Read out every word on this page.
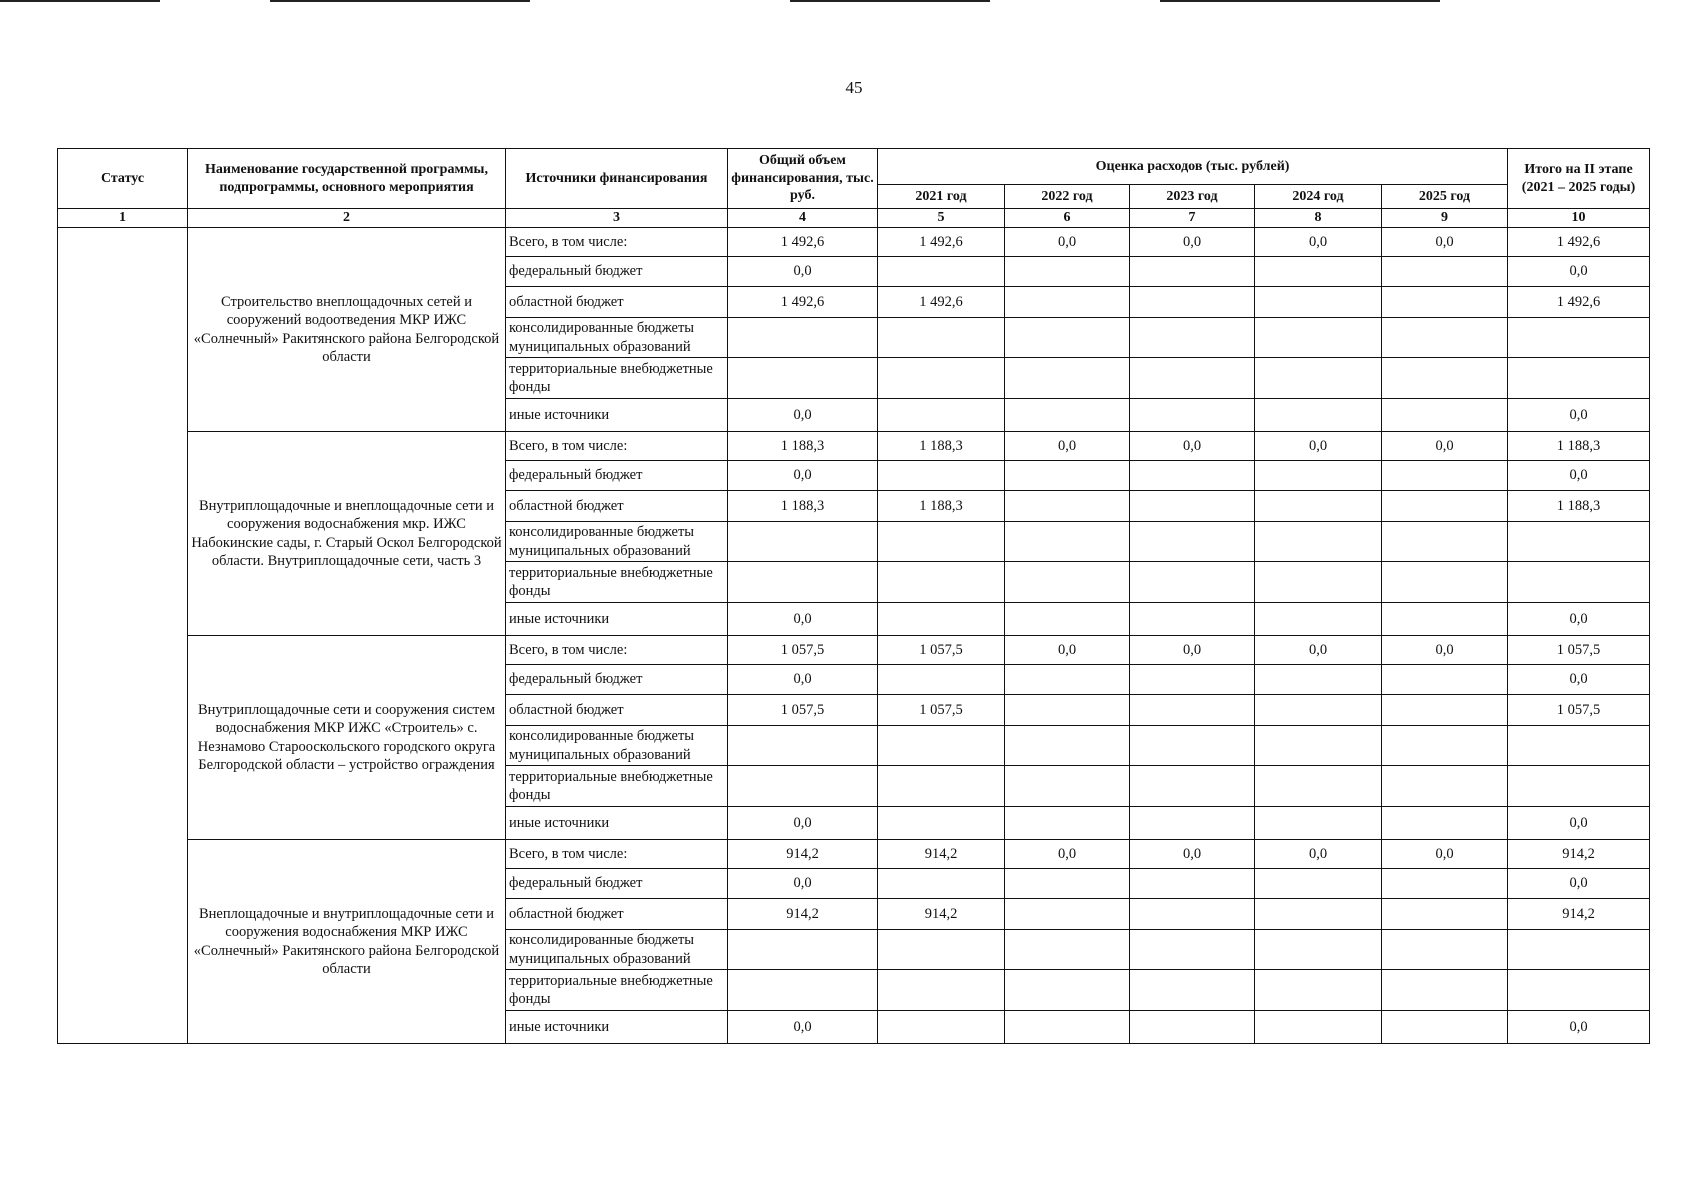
45
Статус	Наименование государственной программы, подпрограммы, основного мероприятия	Источники финансирования	Общий объем финансирования, тыс. руб.	Оценка расходов (тыс. рублей)					Итого на II этапе (2021 – 2025 годы)
				2021 год	2022 год	2023 год	2024 год	2025 год	
1	2	3	4	5	6	7	8	9	10
	Строительство внеплощадочных сетей и сооружений водоотведения МКР ИЖС «Солнечный» Ракитянского района Белгородской области	Всего, в том числе:	1 492,6	1 492,6	0,0	0,0	0,0	0,0	1 492,6
		федеральный бюджет	0,0						0,0
		областной бюджет	1 492,6	1 492,6					1 492,6
		консолидированные бюджеты муниципальных образований							
		территориальные внебюджетные фонды							
		иные источники	0,0						0,0
	Внутриплощадочные и внеплощадочные сети и сооружения водоснабжения мкр. ИЖС Набокинские сады, г. Старый Оскол Белгородской области. Внутриплощадочные сети, часть 3	Всего, в том числе:	1 188,3	1 188,3	0,0	0,0	0,0	0,0	1 188,3
		федеральный бюджет	0,0						0,0
		областной бюджет	1 188,3	1 188,3					1 188,3
		консолидированные бюджеты муниципальных образований							
		территориальные внебюджетные фонды							
		иные источники	0,0						0,0
	Внутриплощадочные сети и сооружения систем водоснабжения МКР ИЖС «Строитель» с. Незнамово Старооскольского городского округа Белгородской области – устройство ограждения	Всего, в том числе:	1 057,5	1 057,5	0,0	0,0	0,0	0,0	1 057,5
		федеральный бюджет	0,0						0,0
		областной бюджет	1 057,5	1 057,5					1 057,5
		консолидированные бюджеты муниципальных образований							
		территориальные внебюджетные фонды							
		иные источники	0,0						0,0
	Внеплощадочные и внутриплощадочные сети и сооружения водоснабжения МКР ИЖС «Солнечный» Ракитянского района Белгородской области	Всего, в том числе:	914,2	914,2	0,0	0,0	0,0	0,0	914,2
		федеральный бюджет	0,0						0,0
		областной бюджет	914,2	914,2					914,2
		консолидированные бюджеты муниципальных образований							
		территориальные внебюджетные фонды							
		иные источники	0,0						0,0
